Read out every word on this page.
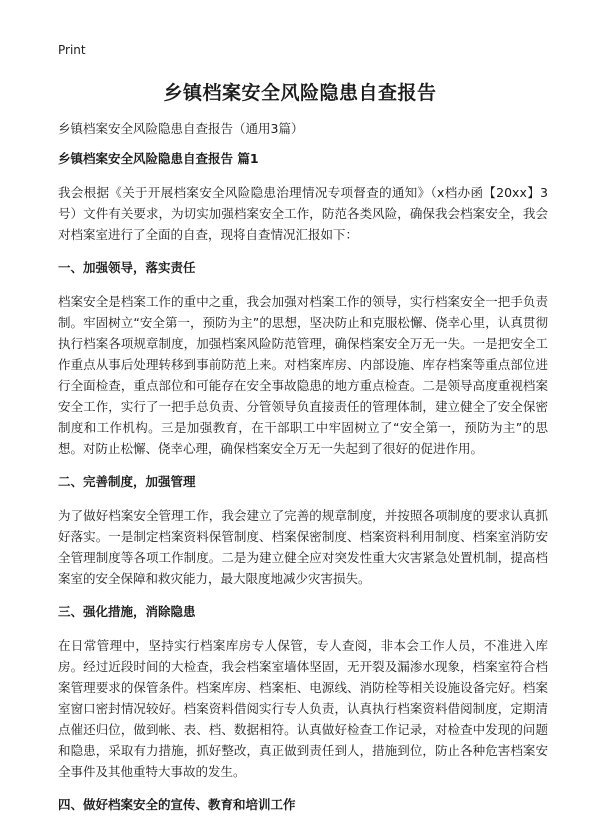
Print
乡镇档案安全风险隐患自查报告

乡镇档案安全风险隐患自查报告（通用3篇）

乡镇档案安全风险隐患自查报告 篇1

我会根据《关于开展档案安全风险隐患治理情况专项督查的通知》（x档办函【20xx】3号）文件有关要求，为切实加强档案安全工作，防范各类风险，确保我会档案安全，我会对档案室进行了全面的自查，现将自查情况汇报如下：

一、加强领导，落实责任

档案安全是档案工作的重中之重，我会加强对档案工作的领导，实行档案安全一把手负责制。牢固树立“安全第一，预防为主”的思想，坚决防止和克服松懈、侥幸心里，认真贯彻执行档案各项规章制度，加强档案风险防范管理，确保档案安全万无一失。一是把安全工作重点从事后处理转移到事前防范上来。对档案库房、内部设施、库存档案等重点部位进行全面检查，重点部位和可能存在安全事故隐患的地方重点检查。二是领导高度重视档案安全工作，实行了一把手总负责、分管领导负直接责任的管理体制，建立健全了安全保密制度和工作机构。三是加强教育，在干部职工中牢固树立了“安全第一，预防为主”的思想。对防止松懈、侥幸心理，确保档案安全万无一失起到了很好的促进作用。

二、完善制度，加强管理

为了做好档案安全管理工作，我会建立了完善的规章制度，并按照各项制度的要求认真抓好落实。一是制定档案资料保管制度、档案保密制度、档案资料利用制度、档案室消防安全管理制度等各项工作制度。二是为建立健全应对突发性重大灾害紧急处置机制，提高档案室的安全保障和救灾能力，最大限度地减少灾害损失。

三、强化措施，消除隐患

在日常管理中，坚持实行档案库房专人保管，专人查阅，非本会工作人员，不准进入库房。经过近段时间的大检查，我会档案室墙体坚固，无开裂及漏渗水现象，档案室符合档案管理要求的保管条件。档案库房、档案柜、电源线、消防栓等相关设施设备完好。档案室窗口密封情况较好。档案资料借阅实行专人负责，认真执行档案资料借阅制度，定期清点催还归位，做到帐、表、档、数据相符。认真做好检查工作记录，对检查中发现的问题和隐患，采取有力措施，抓好整改，真正做到责任到人，措施到位，防止各种危害档案安全事件及其他重特大事故的发生。

四、做好档案安全的宣传、教育和培训工作
